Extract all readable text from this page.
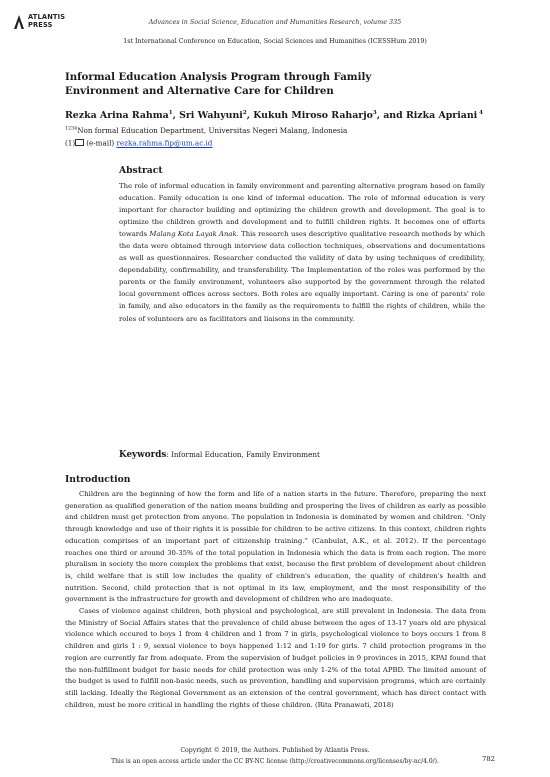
ATLANTIS
PRESS	Advances in Social Science, Education and Humanities Research, volume 335
1st International Conference on Education, Social Sciences and Humanities (ICESSHum 2019)
Informal Education Analysis Program through Family Environment and Alternative Care for Children
Rezka Arina Rahma$^1$, Sri Wahyuni$^2$, Kukuh Miroso Raharjo$^3$, and Rizka Apriani $^4$
$^{1234}$Non formal Education Department, Universitas Negeri Malang, Indonesia
(1) (e-mail) rezka.rahma.fip@um.ac.id
Abstract

The role of informal education in family environment and parenting alternative program based on family education. Family education is one kind of informal education. The role of informal education is very important for character building and optimizing the children growth and development. The goal is to optimize the children growth and development and to fulfill children rights. It becomes one of efforts towards Malang Kota Layak Anak. This research uses descriptive qualitative research methods by which the data were obtained through interview data collection techniques, observations and documentations as well as questionnaires. Researcher conducted the validity of data by using techniques of credibility, dependability, confirmability, and transferability. The Implementation of the roles was performed by the parents or the family environment, volunteers also supported by the government through the related local government offices across sectors. Both roles are equally important. Caring is one of parents' role in family, and also educators in the family as the requirements to fulfill the rights of children, while the roles of volunteers are as facilitators and liaisons in the community.

Keywords: Informal Education, Family Environment
Introduction

Children are the beginning of how the form and life of a nation starts in the future. Therefore, preparing the next generation as qualified generation of the nation means building and prospering the lives of children as early as possible and children must get protection from anyone. The population in Indonesia is dominated by women and children. “Only through knowledge and use of their rights it is possible for children to be active citizens. In this context, children rights education comprises of an important part of citizenship training.” (Canbulat, A.K., et al. 2012). If the percentage reaches one third or around 30-35% of the total population in Indonesia which the data is from each region. The more pluralism in society the more complex the problems that exist, because the first problem of development about children is, child welfare that is still low includes the quality of children's education, the quality of children's health and nutrition. Second, child protection that is not optimal in its law, employment, and the most responsibility of the government is the infrastructure for growth and development of children who are inadequate.

Cases of violence against children, both physical and psychological, are still prevalent in Indonesia. The data from the Ministry of Social Affairs states that the prevalence of child abuse between the ages of 13-17 years old are physical violence which occured to boys 1 from 4 children and 1 from 7 in girls, psychological violence to boys occurs 1 from 8 children and girls 1 : 9, sexual violence to boys happened 1:12 and 1:19 for girls. 7 child protection programs in the region are currently far from adequate. From the supervision of budget policies in 9 provinces in 2015, KPAI found that the non-fulfillment budget for basic needs for child protection was only 1-2% of the total APBD. The limited amount of the budget is used to fulfill non-basic needs, such as prevention, handling and supervision programs, which are certainly still lacking. Ideally the Regional Government as an extension of the central government, which has direct contact with children, must be more critical in handling the rights of these children. (Rita Pranawati, 2018)

Copyright © 2019, the Authors. Published by Atlantis Press.
This is an open access article under the CC BY-NC license (http://creativecommons.org/licenses/by-nc/4.0/).	782
